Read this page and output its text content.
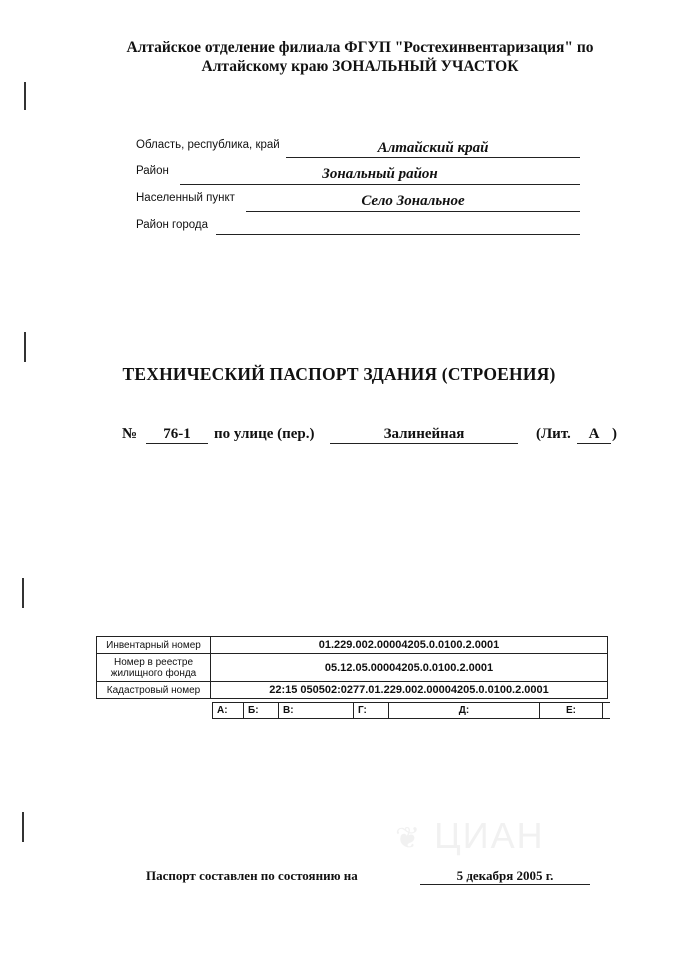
Алтайское отделение филиала ФГУП "Ростехинвентаризация" по
Алтайскому краю ЗОНАЛЬНЫЙ УЧАСТОК
Область, республика, край	Алтайский край
Район	Зональный район
Населенный пункт	Село Зональное
Район города
ТЕХНИЧЕСКИЙ ПАСПОРТ ЗДАНИЯ (СТРОЕНИЯ)
№	76-1	по улице (пер.)	Залинейная	(Лит.	А )
Инвентарный номер	01.229.002.00004205.0.0100.2.0001
Номер в реестре жилищного фонда	05.12.05.00004205.0.0100.2.0001
Кадастровый номер	22:15 050502:0277.01.229.002.00004205.0.0100.2.0001
А:	Б:	В:	Г:	Д:	Е:
❦ ЦИАН
Паспорт составлен по состоянию на	5 декабря 2005 г.
